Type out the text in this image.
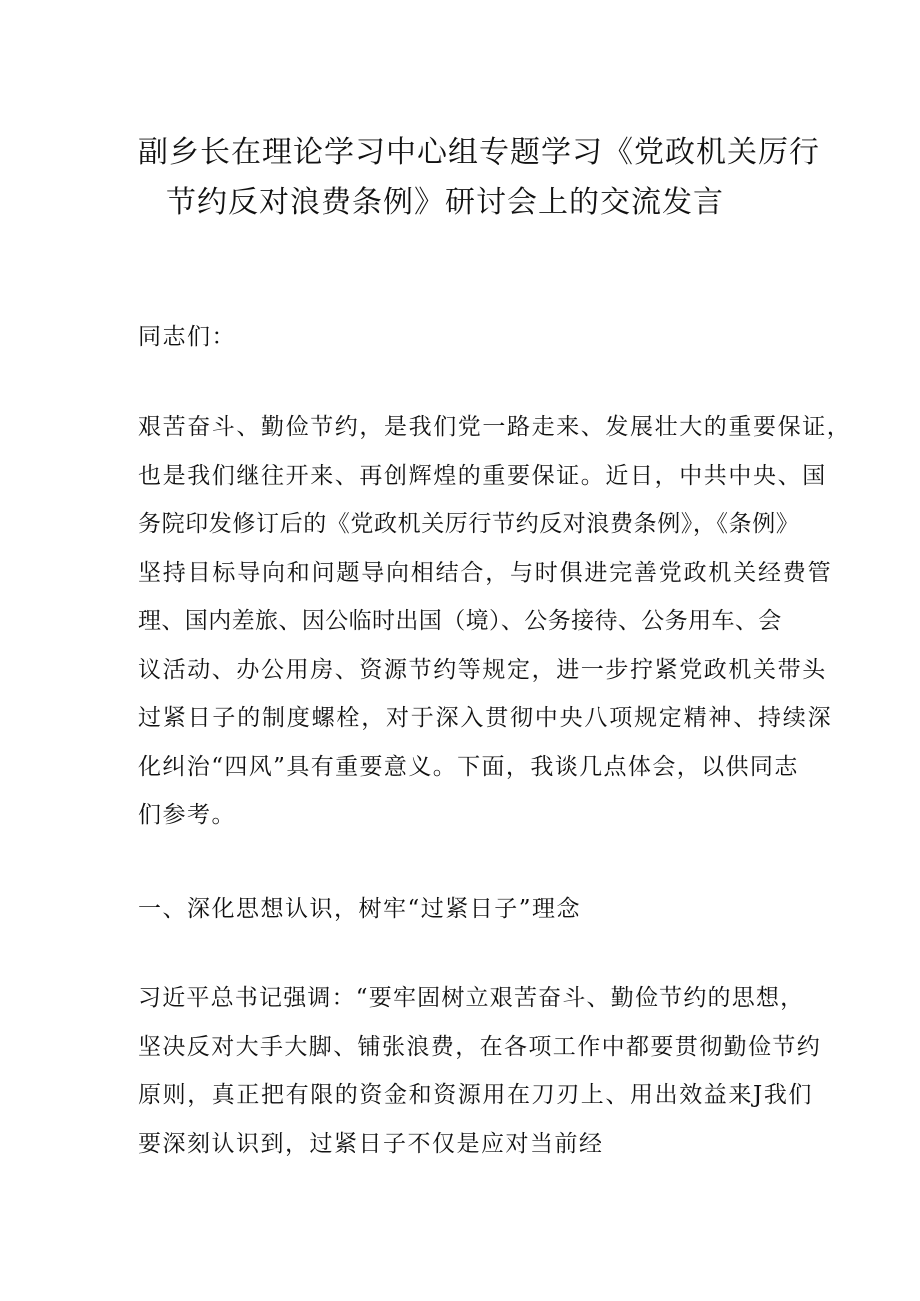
副乡长在理论学习中心组专题学习《党政机关厉行
节约反对浪费条例》研讨会上的交流发言

同志们：

艰苦奋斗、勤俭节约，是我们党一路走来、发展壮大的重要保证，
也是我们继往开来、再创辉煌的重要保证。近日，中共中央、国
务院印发修订后的《党政机关厉行节约反对浪费条例》，《条例》
坚持目标导向和问题导向相结合，与时俱进完善党政机关经费管
理、国内差旅、因公临时出国（境）、公务接待、公务用车、会
议活动、办公用房、资源节约等规定，进一步拧紧党政机关带头
过紧日子的制度螺栓，对于深入贯彻中央八项规定精神、持续深
化纠治“四风”具有重要意义。下面，我谈几点体会，以供同志
们参考。

一、深化思想认识，树牢“过紧日子”理念

习近平总书记强调：“要牢固树立艰苦奋斗、勤俭节约的思想，
坚决反对大手大脚、铺张浪费，在各项工作中都要贯彻勤俭节约
原则，真正把有限的资金和资源用在刀刃上、用出效益来J我们
要深刻认识到，过紧日子不仅是应对当前经
